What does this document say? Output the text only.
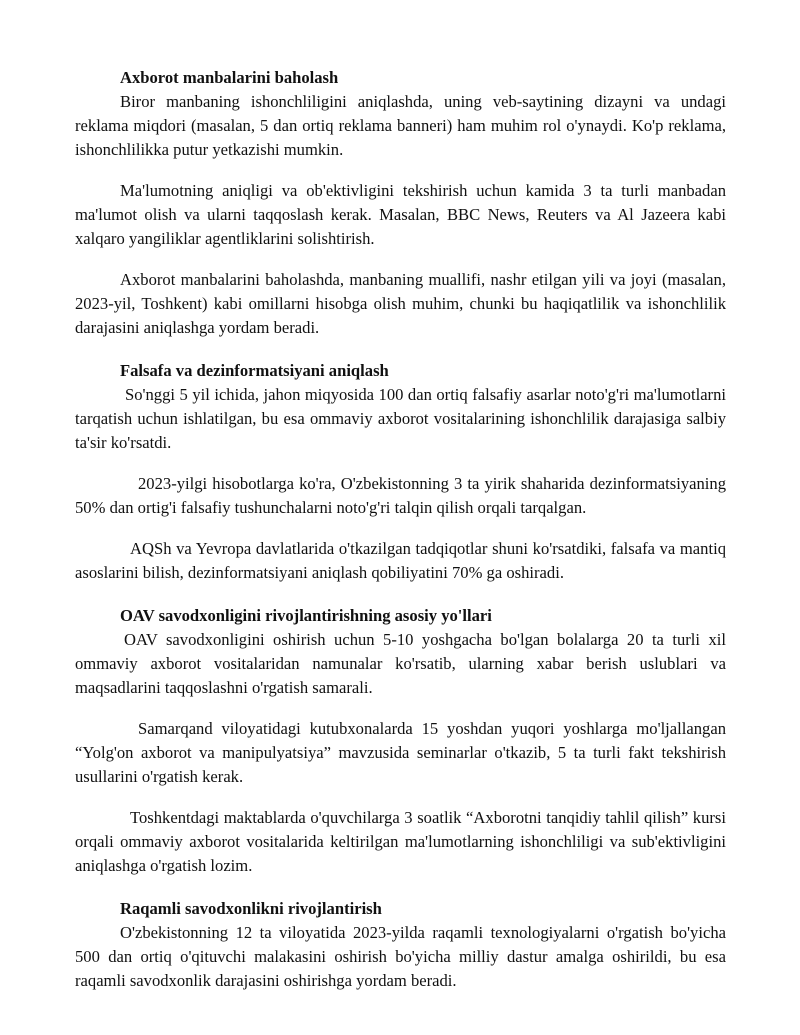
Axborot manbalarini baholash

Biror manbaning ishonchliligini aniqlashda, uning veb-saytining dizayni va undagi reklama miqdori (masalan, 5 dan ortiq reklama banneri) ham muhim rol o'ynaydi. Ko'p reklama, ishonchlilikka putur yetkazishi mumkin.

Ma'lumotning aniqligi va ob'ektivligini tekshirish uchun kamida 3 ta turli manbadan ma'lumot olish va ularni taqqoslash kerak. Masalan, BBC News, Reuters va Al Jazeera kabi xalqaro yangiliklar agentliklarini solishtirish.

Axborot manbalarini baholashda, manbaning muallifi, nashr etilgan yili va joyi (masalan, 2023-yil, Toshkent) kabi omillarni hisobga olish muhim, chunki bu haqiqatlilik va ishonchlilik darajasini aniqlashga yordam beradi.

Falsafa va dezinformatsiyani aniqlash

So'nggi 5 yil ichida, jahon miqyosida 100 dan ortiq falsafiy asarlar noto'g'ri ma'lumotlarni tarqatish uchun ishlatilgan, bu esa ommaviy axborot vositalarining ishonchlilik darajasiga salbiy ta'sir ko'rsatdi.

2023-yilgi hisobotlarga ko'ra, O'zbekistonning 3 ta yirik shaharida dezinformatsiyaning 50% dan ortig'i falsafiy tushunchalarni noto'g'ri talqin qilish orqali tarqalgan.

AQSh va Yevropa davlatlarida o'tkazilgan tadqiqotlar shuni ko'rsatdiki, falsafa va mantiq asoslarini bilish, dezinformatsiyani aniqlash qobiliyatini 70% ga oshiradi.

OAV savodxonligini rivojlantirishning asosiy yo'llari

OAV savodxonligini oshirish uchun 5-10 yoshgacha bo'lgan bolalarga 20 ta turli xil ommaviy axborot vositalaridan namunalar ko'rsatib, ularning xabar berish uslublari va maqsadlarini taqqoslashni o'rgatish samarali.

Samarqand viloyatidagi kutubxonalarda 15 yoshdan yuqori yoshlarga mo'ljallangan “Yolg'on axborot va manipulyatsiya” mavzusida seminarlar o'tkazib, 5 ta turli fakt tekshirish usullarini o'rgatish kerak.

Toshkentdagi maktablarda o'quvchilarga 3 soatlik “Axborotni tanqidiy tahlil qilish” kursi orqali ommaviy axborot vositalarida keltirilgan ma'lumotlarning ishonchliligi va sub'ektivligini aniqlashga o'rgatish lozim.

Raqamli savodxonlikni rivojlantirish

O'zbekistonning 12 ta viloyatida 2023-yilda raqamli texnologiyalarni o'rgatish bo'yicha 500 dan ortiq o'qituvchi malakasini oshirish bo'yicha milliy dastur amalga oshirildi, bu esa raqamli savodxonlik darajasini oshirishga yordam beradi.
